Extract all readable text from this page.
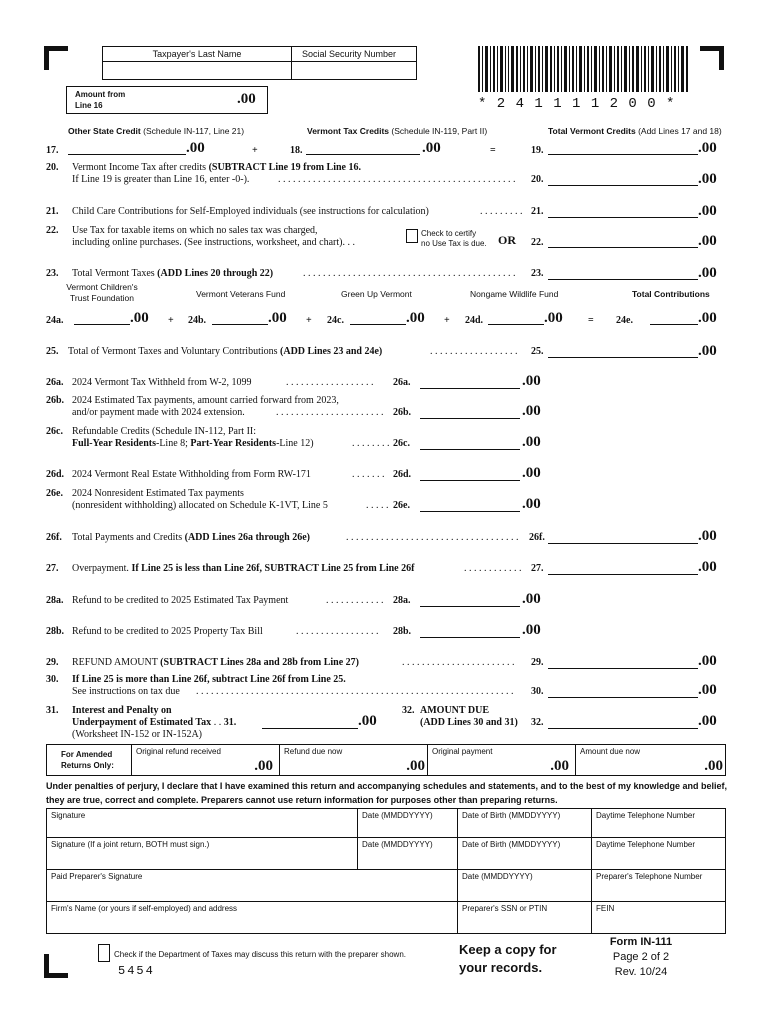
Taxpayer's Last Name	Social Security Number
Amount from
Line 16	.00	* 2 4 1 1 1 1 2 0 0 *
Other State Credit (Schedule IN-117, Line 21)	Vermont Tax Credits (Schedule IN-119, Part II)	Total Vermont Credits (Add Lines 17 and 18)
17.	.00	+	18.	.00	=	19.	.00
20. Vermont Income Tax after credits (SUBTRACT Line 19 from Line 16.
If Line 19 is greater than Line 16, enter -0-).	. . . . . . . . . . . . . . . . . . . . . . . . . . . . . . . . . . . . . . . . . . . . . . . .	20.	.00
21. Child Care Contributions for Self-Employed individuals (see instructions for calculation)	. . . . . . . . . 21.	.00
22. Use Tax for taxable items on which no sales tax was charged,
including online purchases. (See instructions, worksheet, and chart). . .
Check to certify
no Use Tax is due. OR 22.	.00
23. Total Vermont Taxes (ADD Lines 20 through 22)	. . . . . . . . . . . . . . . . . . . . . . . . . . . . . . . . . . . . . . . . . . .	23.	.00
Vermont Children's
Trust Foundation	Vermont Veterans Fund	Green Up Vermont	Nongame Wildlife Fund	Total Contributions
24a.	.00 + 24b.	.00 + 24c.	.00 + 24d.	.00	= 24e.	.00
25. Total of Vermont Taxes and Voluntary Contributions (ADD Lines 23 and 24e)	. . . . . . . . . . . . . . . . . . 25.	.00
26a. 2024 Vermont Tax Withheld from W-2, 1099	. . . . . . . . . . . . . . . . . . 26a.	.00
26b. 2024 Estimated Tax payments, amount carried forward from 2023,
and/or payment made with 2024 extension.	. . . . . . . . . . . . . . . . . . . . . . 26b.	.00
26c. Refundable Credits (Schedule IN-112, Part II:
Full-Year Residents-Line 8; Part-Year Residents-Line 12)	. . . . . . . . 26c.	.00
26d. 2024 Vermont Real Estate Withholding from Form RW-171	. . . . . . . 26d.	.00
26e. 2024 Nonresident Estimated Tax payments
(nonresident withholding) allocated on Schedule K-1VT, Line 5	. . . . . 26e.	.00
26f. Total Payments and Credits (ADD Lines 26a through 26e)	. . . . . . . . . . . . . . . . . . . . . . . . . . . . . . . . . . .	26f.	.00
27. Overpayment. If Line 25 is less than Line 26f, SUBTRACT Line 25 from Line 26f	. . . . . . . . . . . . 27.	.00
28a. Refund to be credited to 2025 Estimated Tax Payment	. . . . . . . . . . . . 28a.	.00
28b. Refund to be credited to 2025 Property Tax Bill	. . . . . . . . . . . . . . . . . 28b.	.00
29. REFUND AMOUNT (SUBTRACT Lines 28a and 28b from Line 27)	. . . . . . . . . . . . . . . . . . . . . . . 29.	.00
30. If Line 25 is more than Line 26f, subtract Line 26f from Line 25.
See instructions on tax due	. . . . . . . . . . . . . . . . . . . . . . . . . . . . . . . . . . . . . . . . . . . . . . . . . . . . . . . . . . . . . . . .	30.	.00
31. Interest and Penalty on
Underpayment of Estimated Tax . . 31.
(Worksheet IN-152 or IN-152A)
.00
32. AMOUNT DUE
(ADD Lines 30 and 31) 32.	.00
For Amended
Returns Only:
Original refund received
.00
Refund due now
.00
Original payment
.00
Amount due now
.00
Under penalties of perjury, I declare that I have examined this return and accompanying schedules and statements, and to the best of my knowledge and belief, they are true, correct and complete. Preparers cannot use return information for purposes other than preparing returns.
Signature	Date (MMDDYYYY)	Date of Birth (MMDDYYYY)	Daytime Telephone Number
Signature (If a joint return, BOTH must sign.)	Date (MMDDYYYY)	Date of Birth (MMDDYYYY)	Daytime Telephone Number
Paid Preparer's Signature	Date (MMDDYYYY)	Preparer's Telephone Number
Firm's Name (or yours if self-employed) and address	Preparer's SSN or PTIN	FEIN
Check if the Department of Taxes may discuss this return with the preparer shown.
5454
Keep a copy for
your records.
Form IN-111
Page 2 of 2
Rev. 10/24
